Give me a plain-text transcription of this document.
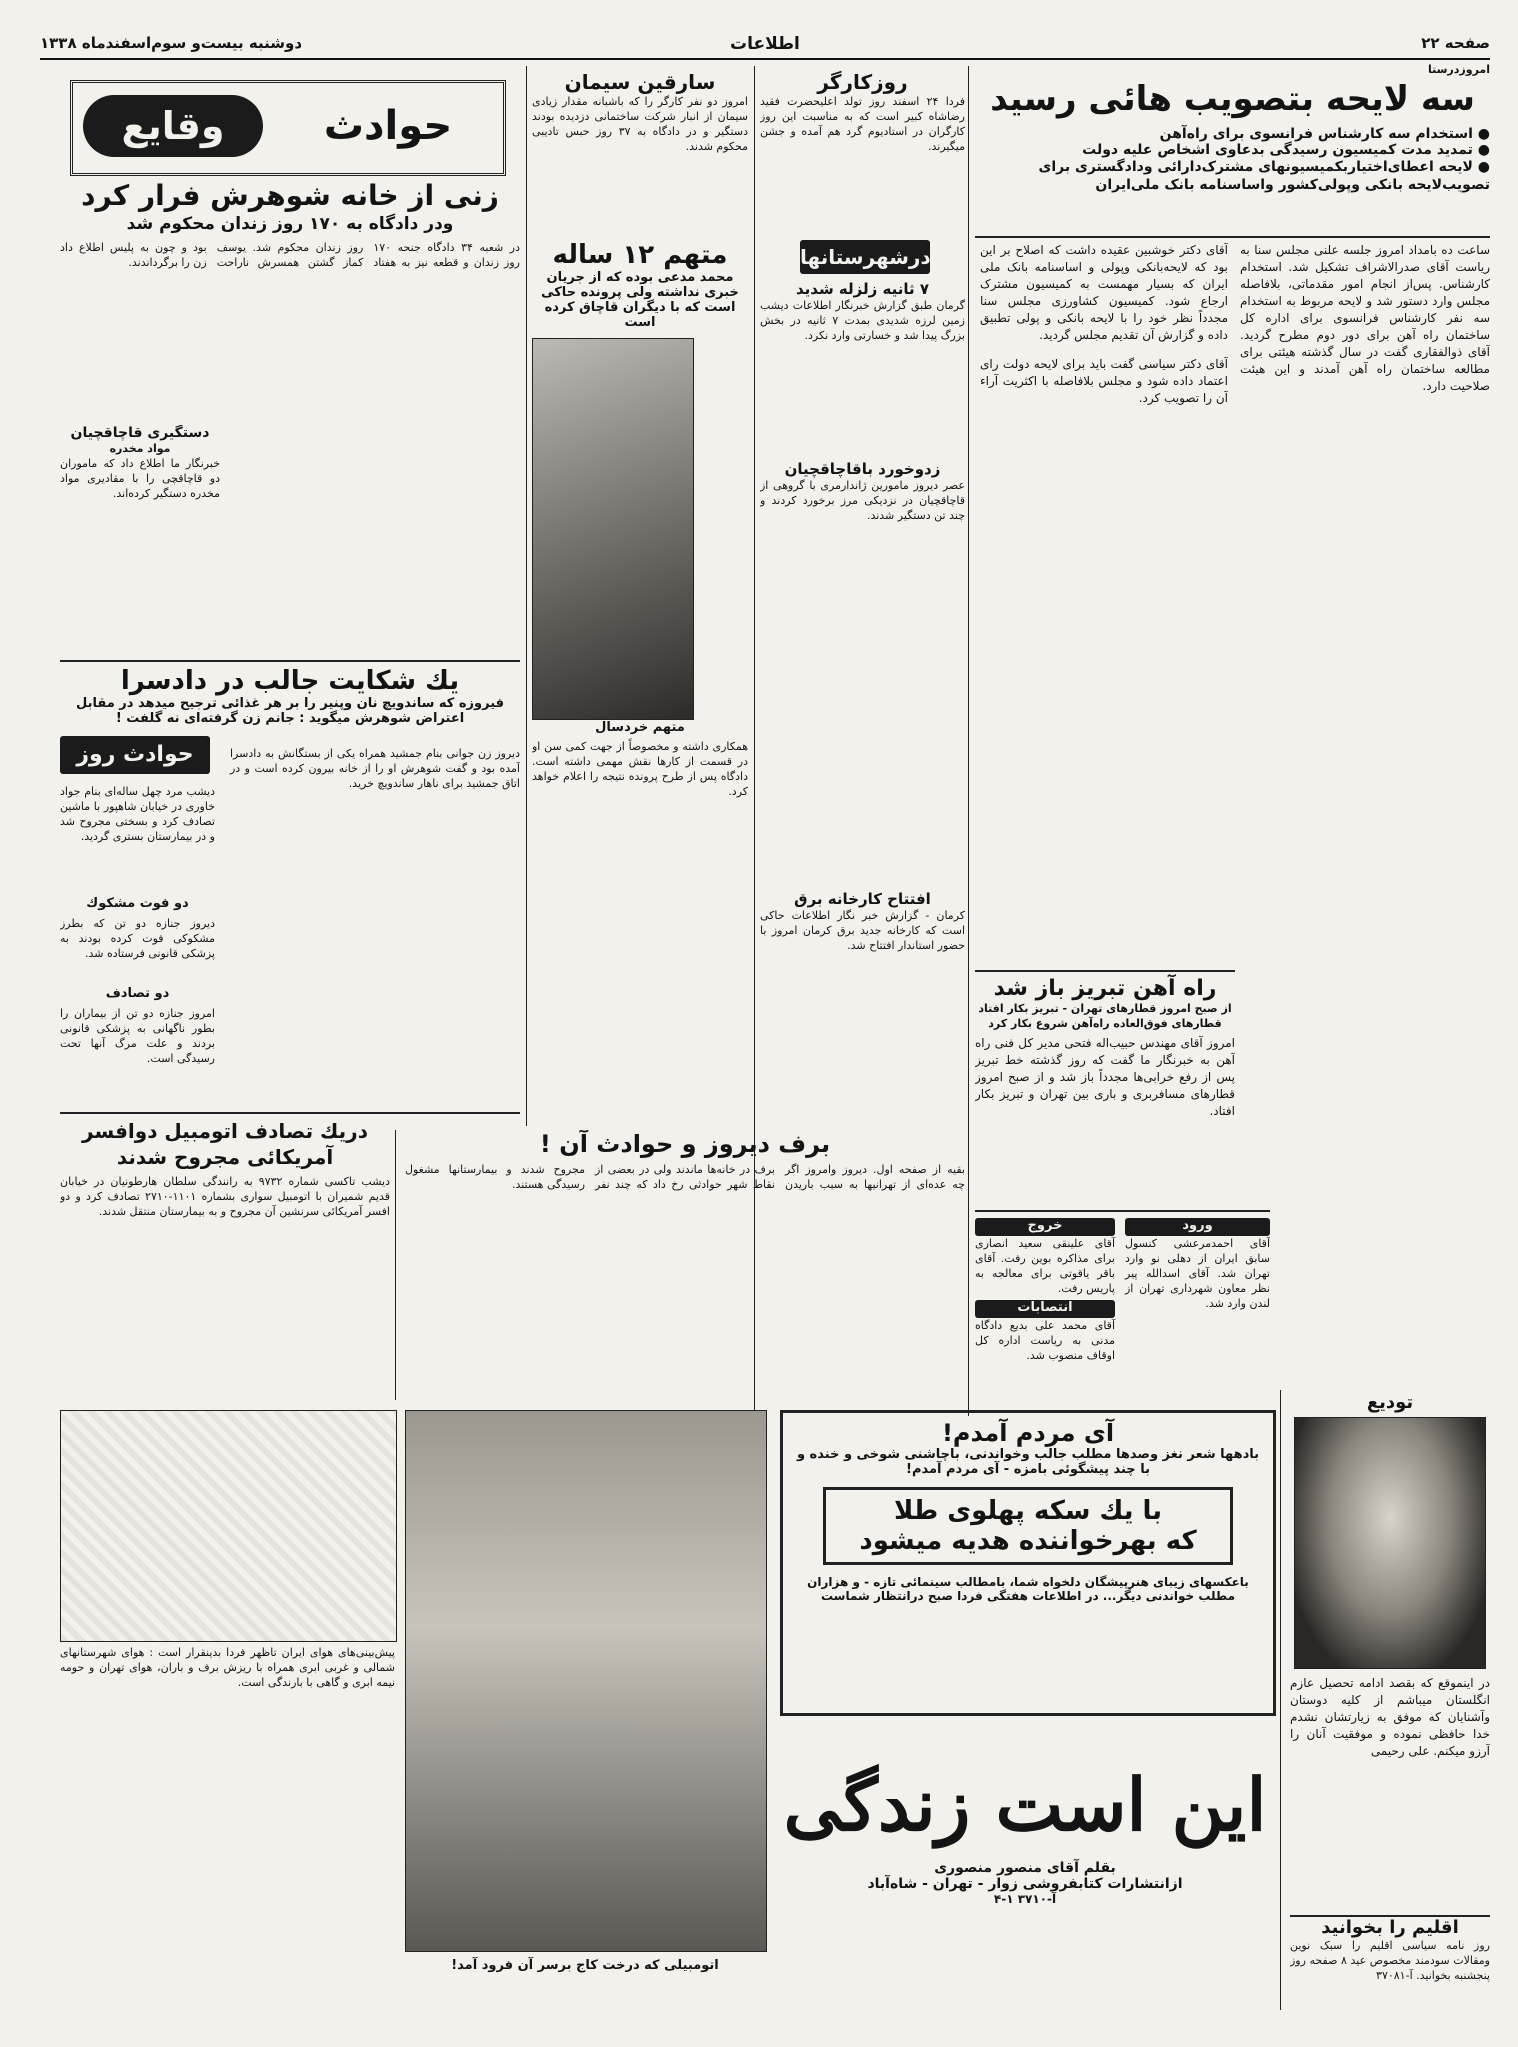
دوشنبه بیست‌و سوم‌اسفندماه ۱۳۳۸	اطلاعات	صفحه ۲۲
امروزدرستا
سه لایحه بتصویب هائی رسید
● استخدام سه کارشناس فرانسوی برای راه‌آهن
● تمدید مدت کمیسیون رسیدگی بدعاوی اشخاص علیه دولت
● لایحه اعطای‌اختیاربکمیسیونهای مشترک‌دارائی ودادگستری برای تصویب‌لایحه بانکی وپولی‌کشور واساسنامه بانک ملی‌ایران
ساعت ده بامداد امروز جلسه علنی مجلس سنا به ریاست آقای صدرالاشراف تشکیل شد. استخدام کارشناس. پس‌از انجام امور مقدماتی، بلافاصله مجلس وارد دستور شد و لایحه مربوط به استخدام سه نفر کارشناس فرانسوی برای اداره کل ساختمان راه آهن برای دور دوم مطرح گردید. آقای ذوالفقاری گفت در سال گذشته هیئتی برای مطالعه ساختمان راه آهن آمدند و این هیئت صلاحیت دارد.
آقای دکتر خوشبین عقیده داشت که اصلاح بر این بود که لایحه‌بانکی وپولی و اساسنامه بانک ملی ایران که بسیار مهمست به کمیسیون مشترک ارجاع شود. کمیسیون کشاورزی مجلس سنا مجدداً نظر خود را با لایحه بانکی و پولی تطبیق داده و گزارش آن تقدیم مجلس گردید.

آقای دکتر سیاسی گفت باید برای لایحه دولت رای اعتماد داده شود و مجلس بلافاصله با اکثریت آراء آن را تصویب کرد.

راه آهن تبریز باز شد
از صبح امروز قطارهای تهران - تبریز بکار افتاد قطارهای فوق‌العاده راه‌آهن شروع بکار کرد
امروز آقای مهندس حبیب‌اله فتحی مدیر کل فنی راه آهن به خبرنگار ما گفت که روز گذشته خط تبریز پس از رفع خرابی‌ها مجدداً باز شد و از صبح امروز قطارهای مسافربری و باری بین تهران و تبریز بکار افتاد.
ورود
آقای احمدمرعشی کنسول سابق ایران از دهلی نو وارد تهران شد. آقای اسدالله پیر نظر معاون شهرداری تهران از لندن وارد شد.
خروج
آقای علینقی سعید انصاری برای مذاکره بوین رفت. آقای باقر یاقوتی برای معالجه به پاریس رفت.
انتصابات
آقای محمد علی بدیع دادگاه مدنی به ریاست اداره کل اوقاف منصوب شد.
تودیع
در اینموقع که بقصد ادامه تحصیل عازم انگلستان میباشم از کلیه دوستان وآشنایان که موفق به زیارتشان نشدم خدا حافظی نموده و موفقیت آنان را آرزو میکنم. علی رحیمی
اقلیم را بخوانید
روز نامه سیاسی اقلیم را سبک نوین ومقالات سودمند مخصوص عید ۸ صفحه روز پنجشنبه بخوانید. آ-۳۷۰۸۱
روزکارگر
فردا ۲۴ اسفند روز تولد اعلیحضرت فقید رضاشاه کبیر است که به مناسبت این روز کارگران در استادیوم گرد هم آمده و جشن میگیرند.
سارقین سیمان
امروز دو نفر کارگر را که باشبانه مقدار زیادی سیمان از انبار شرکت ساختمانی دزدیده بودند دستگیر و در دادگاه به ۳۷ روز حبس تادیبی محکوم شدند.
درشهرستانها
۷ ثانیه زلزله شدید
گرمان طبق گزارش خبرنگار اطلاعات دیشب زمین لرزه شدیدی بمدت ۷ ثانیه در بخش بزرگ پیدا شد و خسارتی وارد نکرد.
زدوخورد باقاچاقچیان
عصر دیروز مامورین ژاندارمری با گروهی از قاچاقچیان در نزدیکی مرز برخورد کردند و چند تن دستگیر شدند.
افتتاح کارخانه برق
کرمان - گزارش خبر نگار اطلاعات حاکی است که کارخانه جدید برق کرمان امروز با حضور استاندار افتتاح شد.
متهم ۱۲ ساله
محمد مدعی بوده که از جریان خبری نداشته ولی پرونده حاکی است که با دیگران قاچاق کرده است
متهم خردسال
همکاری داشته و مخصوصاً از جهت کمی سن او در قسمت از کارها نقش مهمی داشته است. دادگاه پس از طرح پرونده نتیجه را اعلام خواهد کرد.
وقایع	حوادث
زنی از خانه شوهرش فرار کرد
ودر دادگاه به ۱۷۰ روز زندان محکوم شد
در شعبه ۳۴ دادگاه جنحه ۱۷۰ روز زندان و قطعه نیز به هفتاد روز زندان محکوم شد. یوسف کماز گشتن همسرش ناراحت بود و چون به پلیس اطلاع داد زن را برگرداندند.
دستگیری قاچاقچیان
مواد مخدره
خبرنگار ما اطلاع داد که ماموران دو قاچاقچی را با مقادیری مواد مخدره دستگیر کرده‌اند.
یك شكایت جالب در دادسرا
فیروزه که ساندویچ نان وپنیر را بر هر غذائی ترجیح میدهد در مقابل اعتراض شوهرش میگوید : جانم زن گرفته‌ای نه گلفت !
دیروز زن جوانی بنام جمشید همراه یکی از بستگانش به دادسرا آمده بود و گفت شوهرش او را از خانه بیرون کرده است و در اتاق جمشید برای ناهار ساندویچ خرید.
حوادث روز
دیشب مرد چهل ساله‌ای بنام جواد خاوری در خیابان شاهپور با ماشین تصادف کرد و بسختی مجروح شد و در بیمارستان بستری گردید.
دو فوت مشکوك
دیروز جنازه دو تن که بطرز مشکوکی فوت کرده بودند به پزشکی قانونی فرستاده شد.
دو تصادف
امروز جنازه دو تن از بیماران را بطور ناگهانی به پزشکی قانونی بردند و علت مرگ آنها تحت رسیدگی است.
دریك تصادف اتومبیل دوافسر آمریکائی مجروح شدند
دیشب تاکسی شماره ۹۷۳۲ به رانندگی سلطان هارطونیان در خیابان قدیم شمیران با اتومبیل سواری بشماره ۱۱۰۱-۲۷۱۰ تصادف کرد و دو افسر آمریکائی سرنشین آن مجروح و به بیمارستان منتقل شدند.
برف دیروز و حوادث آن !
بقیه از صفحه اول. دیروز وامروز اگر چه عده‌ای از تهرانیها به سبب باریدن برف در خانه‌ها ماندند ولی در بعضی از نقاط شهر حوادثی رخ داد که چند نفر مجروح شدند و بیمارستانها مشغول رسیدگی هستند.
پیش‌بینی‌های هوای ایران تاظهر فردا بدینقرار است : هوای شهرستانهای شمالی و غربی ابری همراه با ریزش برف و باران، هوای تهران و حومه نیمه ابری و گاهی با بارندگی است.
اتومبیلی که درخت کاج برسر آن فرود آمد!
آی مردم آمدم!
بادهها شعر نغز وصدها مطلب جالب وخواندنی، باچاشنی شوخی و خنده و با چند پیشگوئی بامزه - آی مردم آمدم!
با یك سکه پهلوی طلا
که بهرخواننده هدیه میشود
باعکسهای زیبای هنرپیشگان دلخواه شما، بامطالب سینمائی تازه - و هزاران مطلب خواندنی دیگر... در اطلاعات هفتگی فردا صبح درانتظار شماست
این است زندگی
بقلم آقای منصور منصوری
ازانتشارات کتابفروشی زوار - تهران - شاه‌آباد
آ-۳۷۱۰ ۱-۴
